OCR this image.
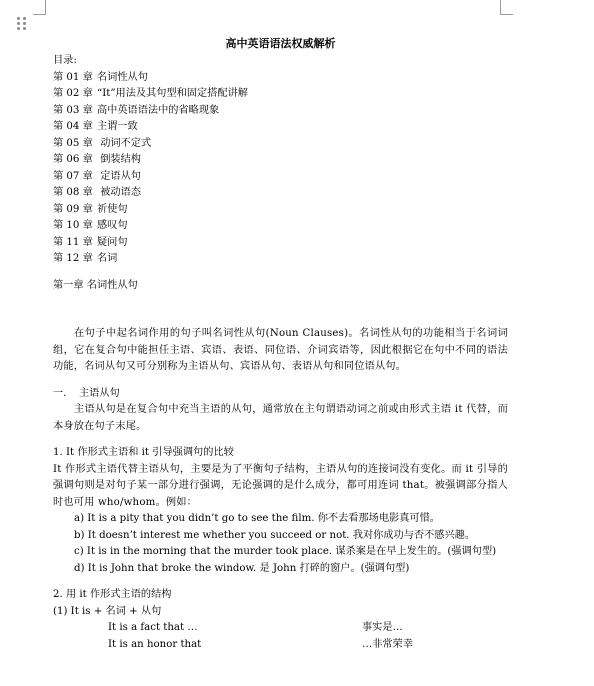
高中英语语法权威解析
目录:
第 01 章 名词性从句
第 02 章 “It”用法及其句型和固定搭配讲解
第 03 章 高中英语语法中的省略现象
第 04 章 主谓一致
第 05 章 动词不定式
第 06 章 倒装结构
第 07 章 定语从句
第 08 章 被动语态
第 09 章 祈使句
第 10 章 感叹句
第 11 章 疑问句
第 12 章 名词
第一章 名词性从句
在句子中起名词作用的句子叫名词性从句(Noun Clauses)。名词性从句的功能相当于名词词组，它在复合句中能担任主语、宾语、表语、同位语、介词宾语等，因此根据它在句中不同的语法功能，名词从句又可分别称为主语从句、宾语从句、表语从句和同位语从句。
一. 主语从句
主语从句是在复合句中充当主语的从句，通常放在主句谓语动词之前或由形式主语 it 代替，而本身放在句子末尾。
1. It 作形式主语和 it 引导强调句的比较
It 作形式主语代替主语从句，主要是为了平衡句子结构，主语从句的连接词没有变化。而 it 引导的强调句则是对句子某一部分进行强调，无论强调的是什么成分，都可用连词 that。被强调部分指人时也可用 who/whom。例如：
a) It is a pity that you didn’t go to see the film. 你不去看那场电影真可惜。
b) It doesn’t interest me whether you succeed or not. 我对你成功与否不感兴趣。
c) It is in the morning that the murder took place. 谋杀案是在早上发生的。(强调句型)
d) It is John that broke the window. 是 John 打碎的窗户。(强调句型)
2. 用 it 作形式主语的结构
(1) It is + 名词 + 从句
It is a fact that …	事实是…
It is an honor that	…非常荣幸
